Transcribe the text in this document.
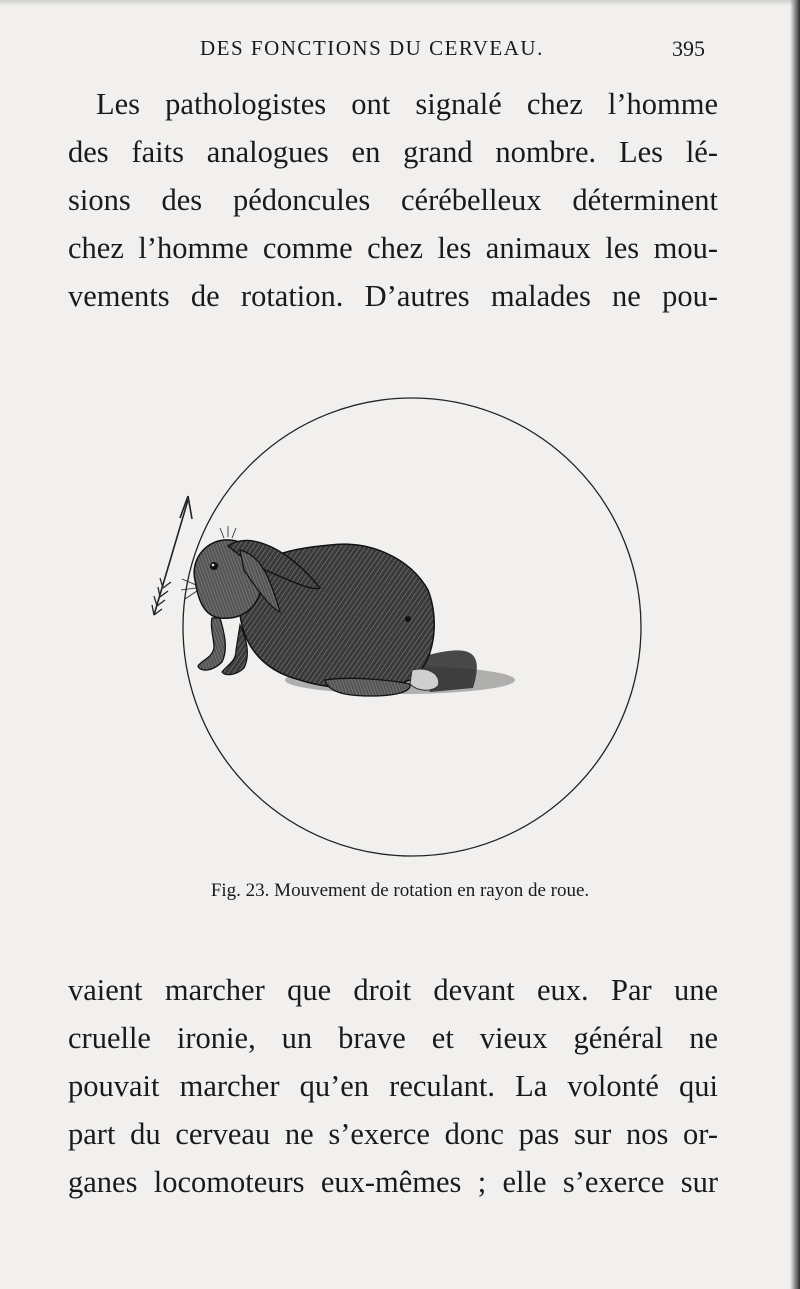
DES FONCTIONS DU CERVEAU.	395
Les pathologistes ont signalé chez l’homme
des faits analogues en grand nombre. Les lé-
sions des pédoncules cérébelleux déterminent
chez l’homme comme chez les animaux les mou-
vements de rotation. D’autres malades ne pou-
Fig. 23. Mouvement de rotation en rayon de roue.
vaient marcher que droit devant eux. Par une
cruelle ironie, un brave et vieux général ne
pouvait marcher qu’en reculant. La volonté qui
part du cerveau ne s’exerce donc pas sur nos or-
ganes locomoteurs eux-mêmes ; elle s’exerce sur
